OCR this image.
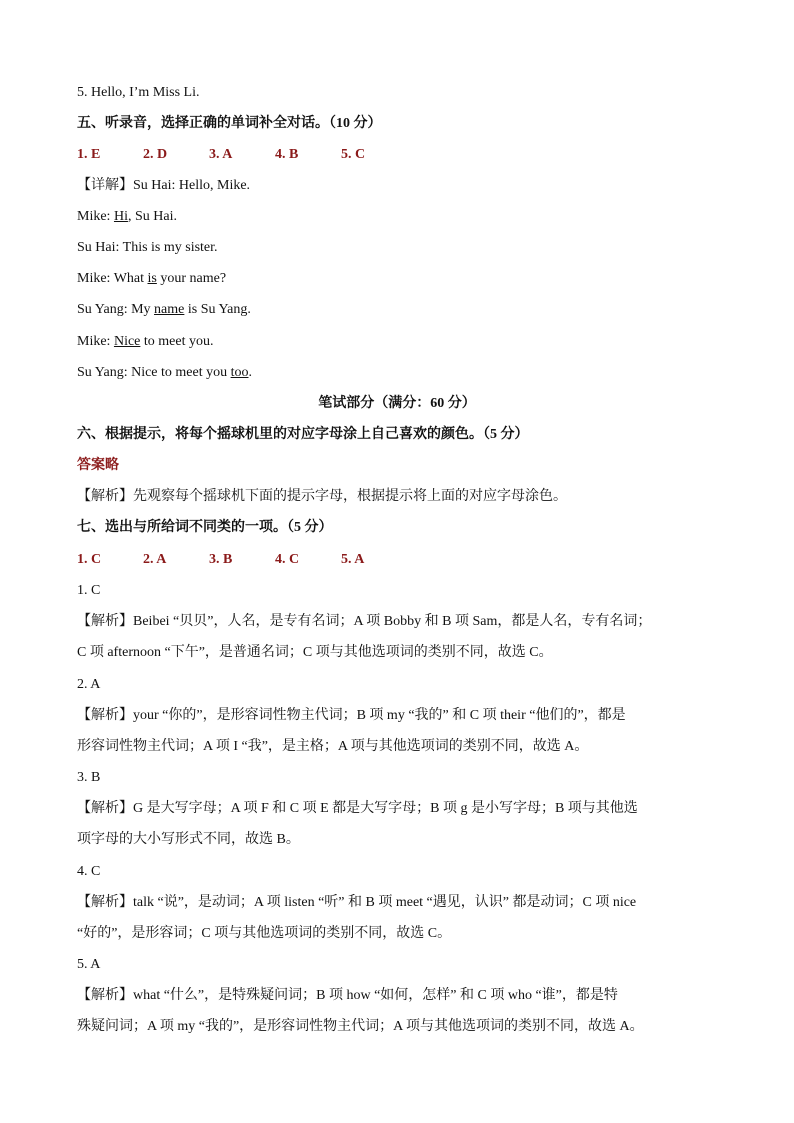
5. Hello, I’m Miss Li.
五、听录音，选择正确的单词补全对话。（10 分）
1. E	2. D	3. A	4. B	5. C
【详解】Su Hai: Hello, Mike.
Mike: Hi, Su Hai.
Su Hai: This is my sister.
Mike: What is your name?
Su Yang: My name is Su Yang.
Mike: Nice to meet you.
Su Yang: Nice to meet you too.
笔试部分（满分：60 分）
六、根据提示，将每个摇球机里的对应字母涂上自己喜欢的颜色。（5 分）
答案略
【解析】先观察每个摇球机下面的提示字母，根据提示将上面的对应字母涂色。
七、选出与所给词不同类的一项。（5 分）
1. C	2. A	3. B	4. C	5. A
1. C
【解析】Beibei “贝贝”，人名，是专有名词；A 项 Bobby 和 B 项 Sam，都是人名，专有名词；
C 项 afternoon “下午”，是普通名词；C 项与其他选项词的类别不同，故选 C。
2. A
【解析】your “你的”，是形容词性物主代词；B 项 my “我的” 和 C 项 their “他们的”，都是
形容词性物主代词；A 项 I “我”，是主格；A 项与其他选项词的类别不同，故选 A。
3. B
【解析】G 是大写字母；A 项 F 和 C 项 E 都是大写字母；B 项 g 是小写字母；B 项与其他选
项字母的大小写形式不同，故选 B。
4. C
【解析】talk “说”，是动词；A 项 listen “听” 和 B 项 meet “遇见，认识” 都是动词；C 项 nice
“好的”，是形容词；C 项与其他选项词的类别不同，故选 C。
5. A
【解析】what “什么”，是特殊疑问词；B 项 how “如何，怎样” 和 C 项 who “谁”，都是特
殊疑问词；A 项 my “我的”，是形容词性物主代词；A 项与其他选项词的类别不同，故选 A。
